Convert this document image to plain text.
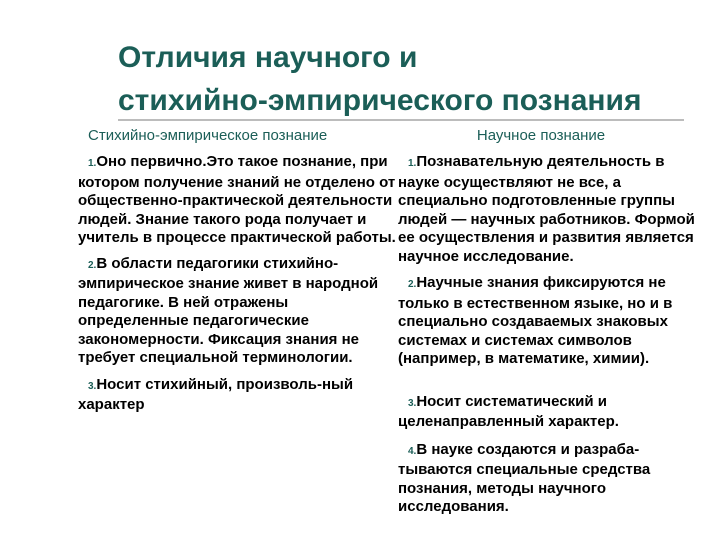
Отличия научного и
стихийно-эмпирического познания

Стихийно-эмпирическое познание

1.Оно первично.Это такое познание, при котором получение знаний не отделено от общественно-практической деятельности людей. Знание такого рода получает и учитель в процессе практической работы.

2.В области педагогики стихийно-эмпирическое знание живет в народной педагогике. В ней отражены определенные педагогические закономерности. Фиксация знания не требует специальной терминологии.

3.Носит стихийный, произволь-ный характер

Научное познание

1.Познавательную деятельность в науке осуществляют не все, а специально подготовленные группы людей — научных работников. Формой ее осуществления и развития является научное исследование.

2.Научные знания фиксируются не только в естественном языке, но и в специально создаваемых знаковых системах и системах символов (например, в математике, химии).

3.Носит систематический и целенаправленный характер.

4.В науке создаются и разраба-тываются специальные средства познания, методы научного исследования.
